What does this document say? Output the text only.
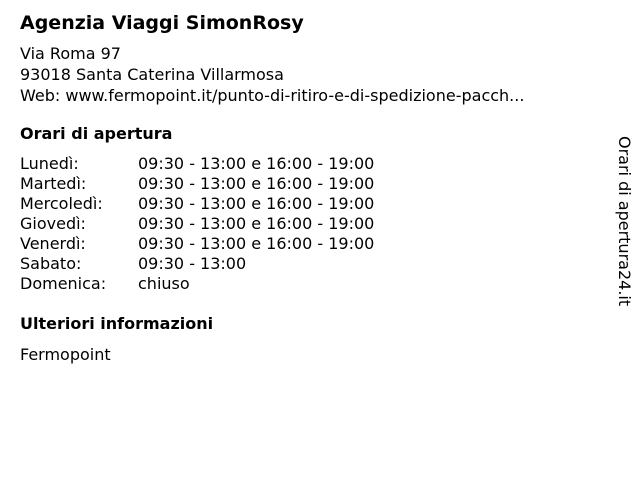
Agenzia Viaggi SimonRosy
Via Roma 97
93018 Santa Caterina Villarmosa
Web: www.fermopoint.it/punto-di-ritiro-e-di-spedizione-pacch...
Orari di apertura
Lunedì:	09:30 - 13:00 e 16:00 - 19:00
Martedì:	09:30 - 13:00 e 16:00 - 19:00
Mercoledì: 09:30 - 13:00 e 16:00 - 19:00
Giovedì:	09:30 - 13:00 e 16:00 - 19:00
Venerdì:	09:30 - 13:00 e 16:00 - 19:00
Sabato:	09:30 - 13:00
Domenica: chiuso
Ulteriori informazioni
Fermopoint
Orari di apertura24.it
